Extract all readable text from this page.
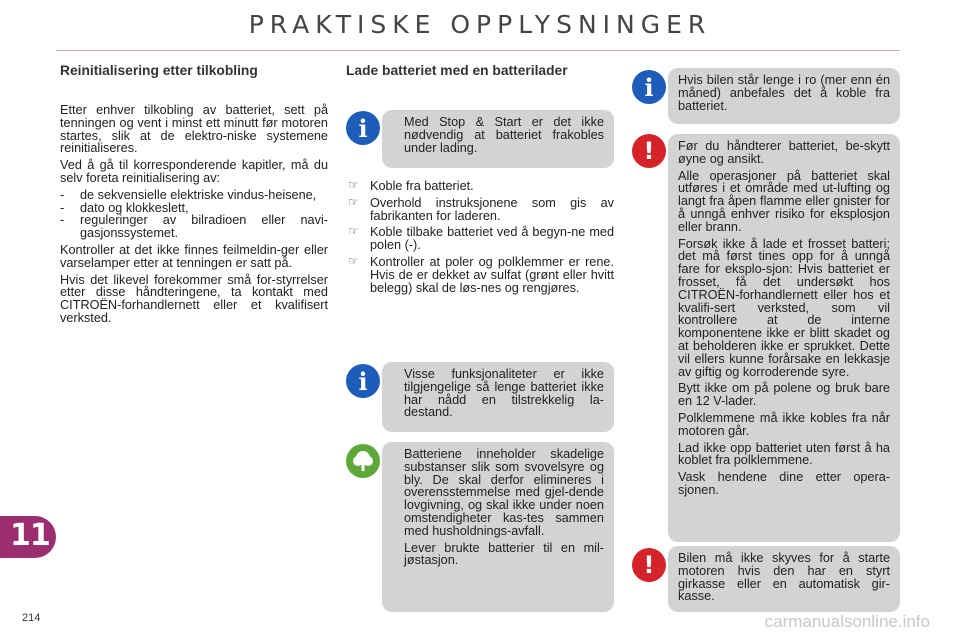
PRAKTISKE OPPLYSNINGER
Reinitialisering etter tilkobling

Etter enhver tilkobling av batteriet, sett på tenningen og vent i minst ett minutt før motoren startes, slik at de elektro-niske systemene reinitialiseres.

Ved å gå til korresponderende kapitler, må du selv foreta reinitialisering av:

- de sekvensielle elektriske vindus-heisene,
- dato og klokkeslett,
- reguleringer av bilradioen eller navi-gasjonssystemet.

Kontroller at det ikke finnes feilmeldin-ger eller varselamper etter at tenningen er satt på.

Hvis det likevel forekommer små for-styrrelser etter disse håndteringene, ta kontakt med CITROËN-forhandlernett eller et kvalifisert verksted.

Lade batteriet med en batterilader

Med Stop & Start er det ikke nødvendig at batteriet frakobles under lading.

i
☞ Koble fra batteriet.
☞ Overhold instruksjonene som gis av fabrikanten for laderen.
☞ Koble tilbake batteriet ved å begyn-ne med polen (-).
☞ Kontroller at poler og polklemmer er rene. Hvis de er dekket av sulfat (grønt eller hvitt belegg) skal de løs-nes og rengjøres.

Visse funksjonaliteter er ikke tilgjengelige så lenge batteriet ikke har nådd en tilstrekkelig la-destand.

i

Batteriene inneholder skadelige substanser slik som svovelsyre og bly. De skal derfor elimineres i overensstemmelse med gjel-dende lovgivning, og skal ikke under noen omstendigheter kas-tes sammen med husholdnings-avfall.

Lever brukte batterier til en mil-jøstasjon.

Hvis bilen står lenge i ro (mer enn én måned) anbefales det å koble fra batteriet.

i

Før du håndterer batteriet, be-skytt øyne og ansikt.

Alle operasjoner på batteriet skal utføres i et område med ut-lufting og langt fra åpen flamme eller gnister for å unngå enhver risiko for eksplosjon eller brann.

Forsøk ikke å lade et frosset batteri; det må først tines opp for å unngå fare for eksplo-sjon: Hvis batteriet er frosset, få det undersøkt hos CITROËN-forhandlernett eller hos et kvalifi-sert verksted, som vil kontrollere at de interne komponentene ikke er blitt skadet og at beholderen ikke er sprukket. Dette vil ellers kunne forårsake en lekkasje av giftig og korroderende syre.

Bytt ikke om på polene og bruk bare en 12 V-lader.

Polklemmene må ikke kobles fra når motoren går.

Lad ikke opp batteriet uten først å ha koblet fra polklemmene.

Vask hendene dine etter opera-sjonen.

!

Bilen må ikke skyves for å starte motoren hvis den har en styrt girkasse eller en automatisk gir-kasse.

!
11
214	carmanualsonline.info
